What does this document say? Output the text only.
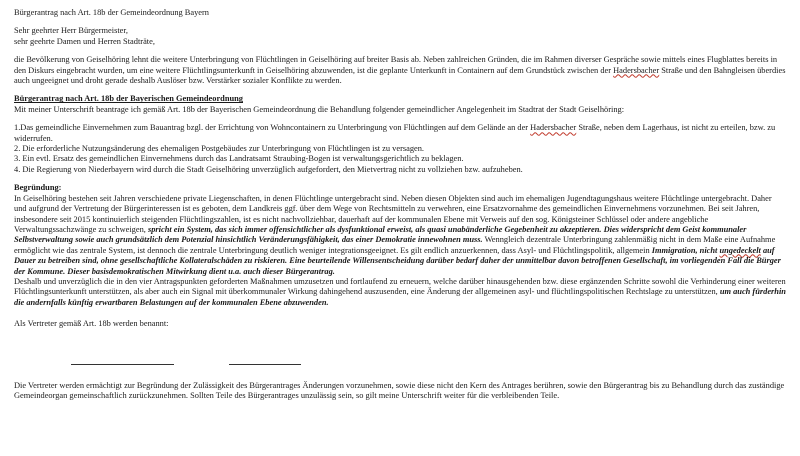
Bürgerantrag nach Art. 18b der Gemeindeordnung Bayern

Sehr geehrter Herr Bürgermeister,

sehr geehrte Damen und Herren Stadträte,

die Bevölkerung von Geiselhöring lehnt die weitere Unterbringung von Flüchtlingen in Geiselhöring auf breiter Basis ab. Neben zahlreichen Gründen, die im Rahmen diverser Gespräche sowie mittels eines Flugblattes bereits in den Diskurs eingebracht wurden, um eine weitere Flüchtlingsunterkunft in Geiselhöring abzuwenden, ist die geplante Unterkunft in Containern auf dem Grundstück zwischen der Hadersbacher Straße und den Bahngleisen überdies auch ungeeignet und droht gerade deshalb Auslöser bzw. Verstärker sozialer Konflikte zu werden.

Bürgerantrag nach Art. 18b der Bayerischen Gemeindeordnung

Mit meiner Unterschrift beantrage ich gemäß Art. 18b der Bayerischen Gemeindeordnung die Behandlung folgender gemeindlicher Angelegenheit im Stadtrat der Stadt Geiselhöring:

1.Das gemeindliche Einvernehmen zum Bauantrag bzgl. der Errichtung von Wohncontainern zu Unterbringung von Flüchtlingen auf dem Gelände an der Hadersbacher Straße, neben dem Lagerhaus, ist nicht zu erteilen, bzw. zu widerrufen.

2. Die erforderliche Nutzungsänderung des ehemaligen Postgebäudes zur Unterbringung von Flüchtlingen ist zu versagen.

3. Ein evtl. Ersatz des gemeindlichen Einvernehmens durch das Landratsamt Straubing-Bogen ist verwaltungsgerichtlich zu beklagen.

4. Die Regierung von Niederbayern wird durch die Stadt Geiselhöring unverzüglich aufgefordert, den Mietvertrag nicht zu vollziehen bzw. aufzuheben.

Begründung:

In Geiselhöring bestehen seit Jahren verschiedene private Liegenschaften, in denen Flüchtlinge untergebracht sind. Neben diesen Objekten sind auch im ehemaligen Jugendtagungshaus weitere Flüchtlinge untergebracht. Daher und aufgrund der Vertretung der Bürgerinteressen ist es geboten, dem Landkreis ggf. über dem Wege von Rechtsmitteln zu verwehren, eine Ersatzvornahme des gemeindlichen Einvernehmens vorzunehmen. Bei seit Jahren, insbesondere seit 2015 kontinuierlich steigenden Flüchtlingszahlen, ist es nicht nachvollziehbar, dauerhaft auf der kommunalen Ebene mit Verweis auf den sog. Königsteiner Schlüssel oder andere angebliche Verwaltungssachzwänge zu schweigen, spricht ein System, das sich immer offensichtlicher als dysfunktional erweist, als quasi unabänderliche Gegebenheit zu akzeptieren. Dies widerspricht dem Geist kommunaler Selbstverwaltung sowie auch grundsätzlich dem Potenzial hinsichtlich Veränderungsfähigkeit, das einer Demokratie innewohnen muss. Wenngleich dezentrale Unterbringung zahlenmäßig nicht in dem Maße eine Aufnahme ermöglicht wie das zentrale System, ist dennoch die zentrale Unterbringung deutlich weniger integrationsgeeignet. Es gilt endlich anzuerkennen, dass Asyl- und Flüchtlingspolitik, allgemein Immigration, nicht ungedeckelt auf Dauer zu betreiben sind, ohne gesellschaftliche Kollateralschäden zu riskieren. Eine beurteilende Willensentscheidung darüber bedarf daher der unmittelbar davon betroffenen Gesellschaft, im vorliegenden Fall die Bürger der Kommune. Dieser basisdemokratischen Mitwirkung dient u.a. auch dieser Bürgerantrag.

Deshalb und unverzüglich die in den vier Antragspunkten geforderten Maßnahmen umzusetzen und fortlaufend zu erneuern, welche darüber hinausgehenden bzw. diese ergänzenden Schritte sowohl die Verhinderung einer weiteren Flüchtlingsunterkunft unterstützen, als aber auch ein Signal mit überkommunaler Wirkung dahingehend auszusenden, eine Änderung der allgemeinen asyl- und flüchtlingspolitischen Rechtslage zu unterstützen, um auch fürderhin die andernfalls künftig erwartbaren Belastungen auf der kommunalen Ebene abzuwenden.

Als Vertreter gemäß Art. 18b werden benannt:

Die Vertreter werden ermächtigt zur Begründung der Zulässigkeit des Bürgerantrages Änderungen vorzunehmen, sowie diese nicht den Kern des Antrages berühren, sowie den Bürgerantrag bis zu Behandlung durch das zuständige Gemeindeorgan gemeinschaftlich zurückzunehmen. Sollten Teile des Bürgerantrages unzulässig sein, so gilt meine Unterschrift weiter für die verbleibenden Teile.
